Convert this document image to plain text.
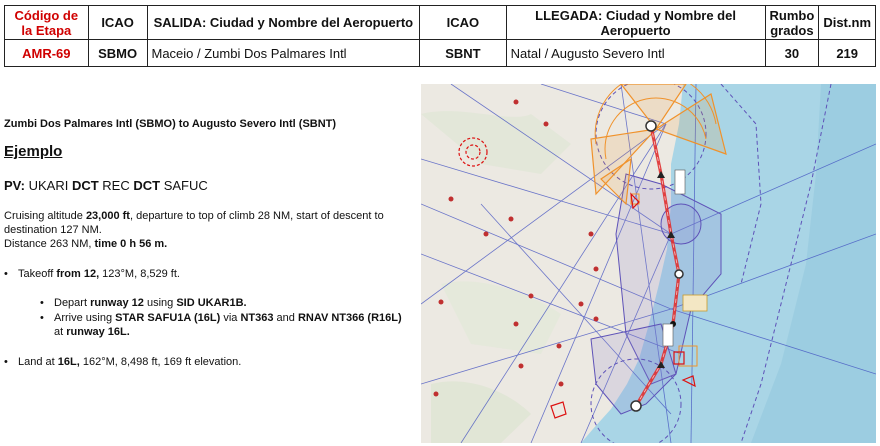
Código de la Etapa	ICAO	SALIDA: Ciudad y Nombre del Aeropuerto	ICAO	LLEGADA: Ciudad y Nombre del Aeropuerto	Rumbo grados	Dist.nm
AMR-69	SBMO	Maceio / Zumbi Dos Palmares Intl	SBNT	Natal / Augusto Severo Intl	30	219
Zumbi Dos Palmares Intl (SBMO) to Augusto Severo Intl (SBNT)
Ejemplo
PV: UKARI DCT REC DCT SAFUC
Cruising altitude 23,000 ft, departure to top of climb 28 NM, start of descent to destination 127 NM.
Distance 263 NM, time 0 h 56 m.
• Takeoff from 12, 123°M, 8,529 ft.
• Depart runway 12 using SID UKAR1B.
• Arrive using STAR SAFU1A (16L) via NT363 and RNAV NT366 (R16L)
at runway 16L.
• Land at 16L, 162°M, 8,498 ft, 169 ft elevation.
